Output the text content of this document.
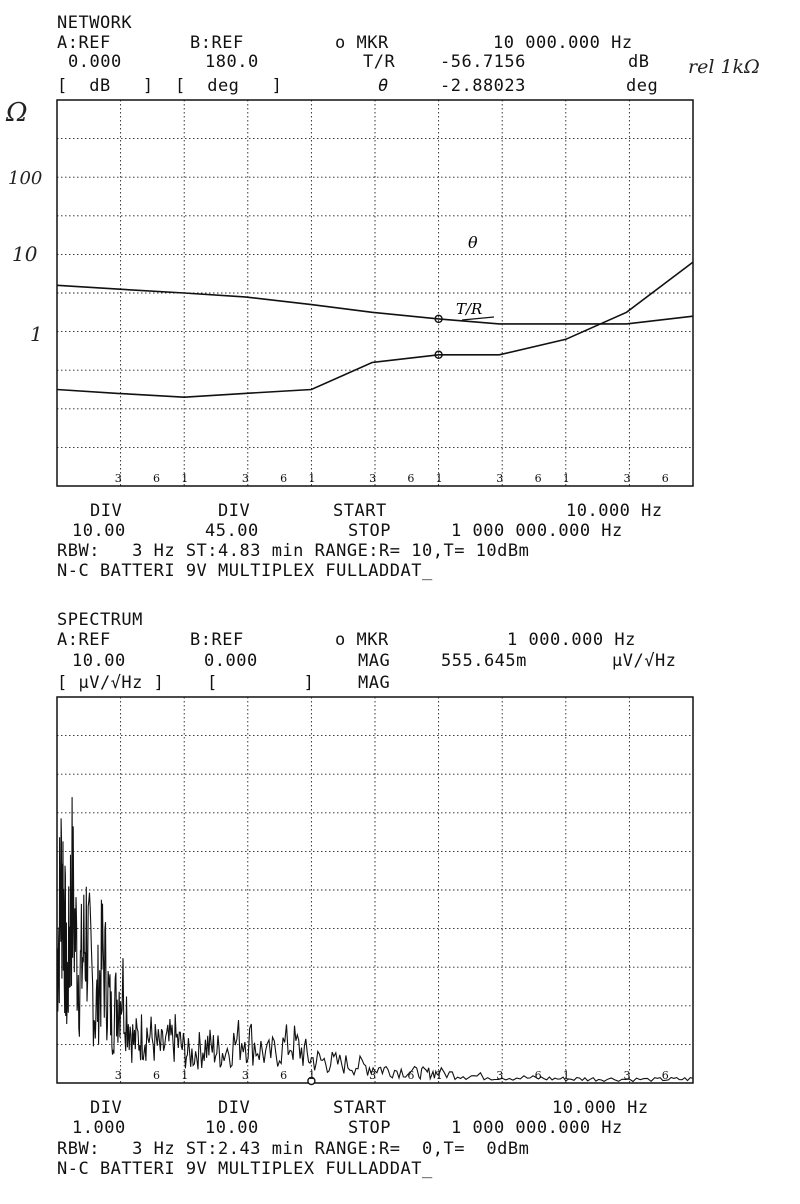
NETWORK
A:REF	B:REF	o MKR	10 000.000 Hz
0.000	180.0	T/R	-56.7156	dB rel 1kΩ
[  dB   ] [  deg   ]	θ	-2.88023	deg
Ω
100
10
1
θ
T/R
3	6 1	3	6 1	3	6 1	3	6 1	3	6
DIV	DIV	START	10.000 Hz
10.00	45.00	STOP	1 000 000.000 Hz
RBW:   3 Hz ST:4.83 min RANGE:R= 10,T= 10dBm
N-C BATTERI 9V MULTIPLEX FULLADDAT_
SPECTRUM
A:REF	B:REF	o MKR	1 000.000 Hz
10.00	0.000	MAG	555.645m	µV/√Hz
[ µV/√Hz ]	[        ]	MAG
3	6 1	3	6 1	3	6 1	3	6 1	3	6
DIV	DIV	START	10.000 Hz
1.000	10.00	STOP	1 000 000.000 Hz
RBW:   3 Hz ST:2.43 min RANGE:R=  0,T=  0dBm
N-C BATTERI 9V MULTIPLEX FULLADDAT_
